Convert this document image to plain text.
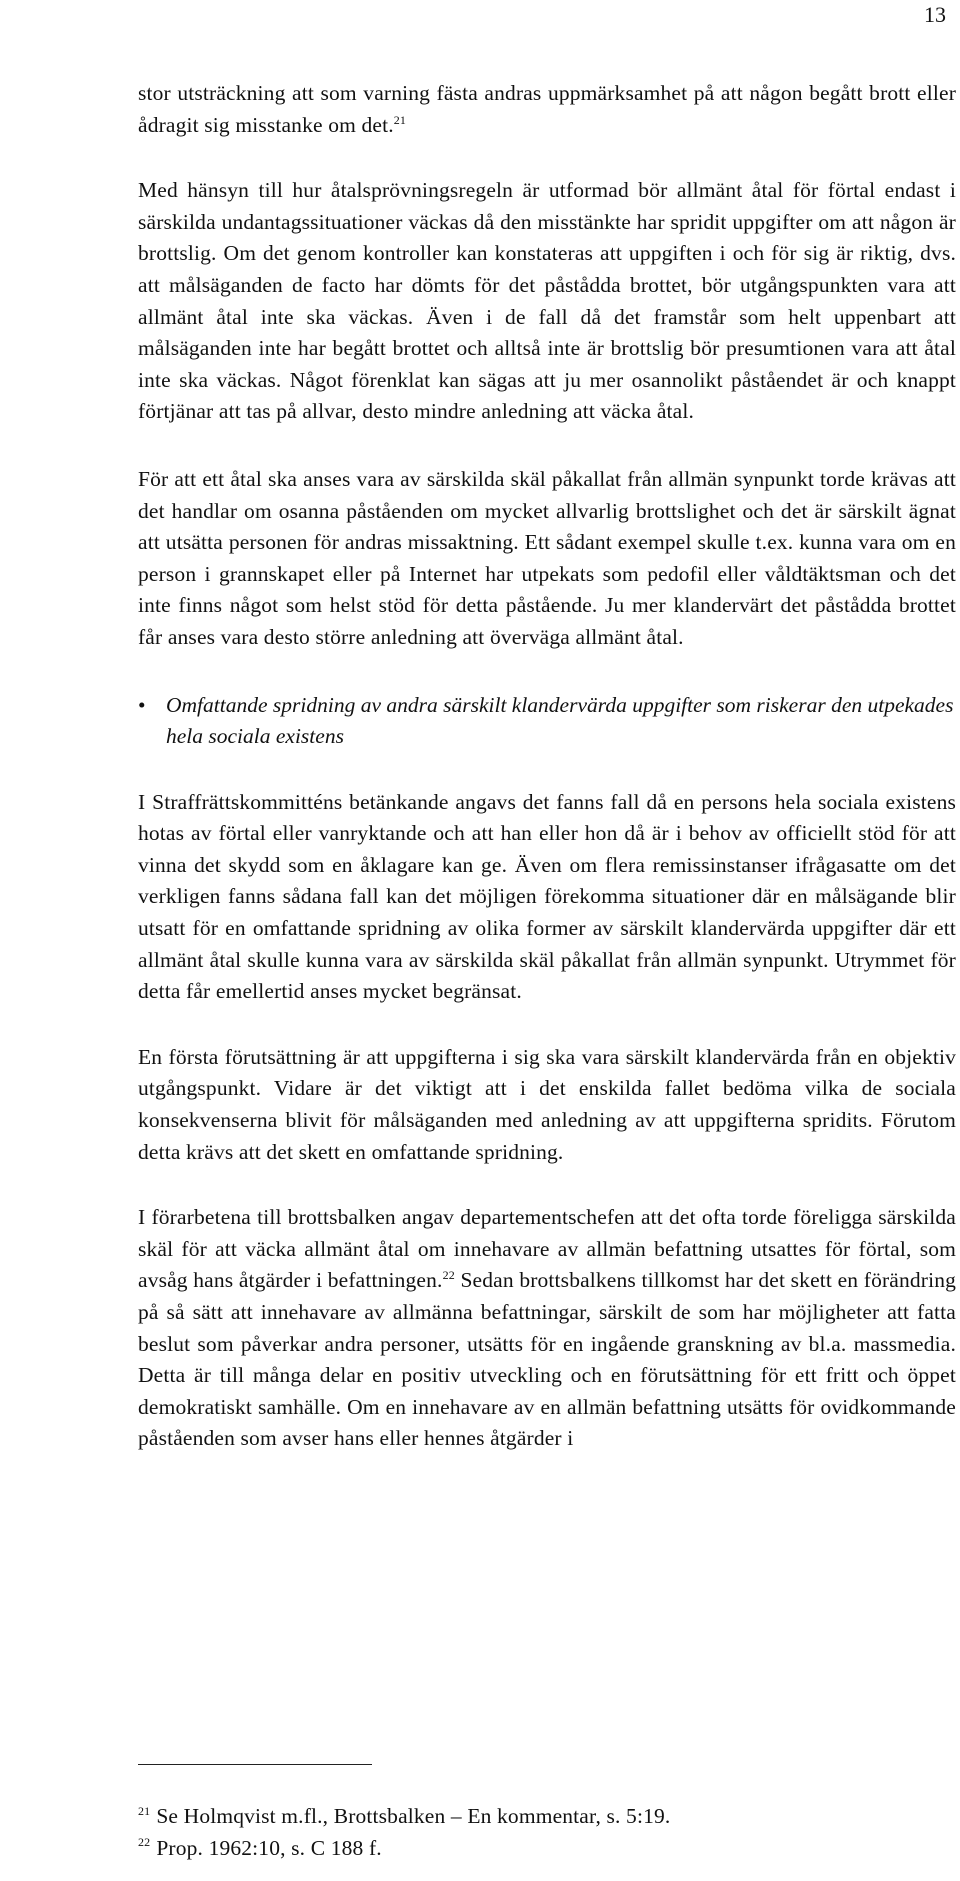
13

stor utsträckning att som varning fästa andras uppmärksamhet på att någon begått brott eller ådragit sig misstanke om det.$^{21}$

Med hänsyn till hur åtalsprövningsregeln är utformad bör allmänt åtal för förtal endast i särskilda undantagssituationer väckas då den misstänkte har spridit uppgifter om att någon är brottslig. Om det genom kontroller kan konstateras att uppgiften i och för sig är riktig, dvs. att målsäganden de facto har dömts för det påstådda brottet, bör utgångspunkten vara att allmänt åtal inte ska väckas. Även i de fall då det framstår som helt uppenbart att målsäganden inte har begått brottet och alltså inte är brottslig bör presumtionen vara att åtal inte ska väckas. Något förenklat kan sägas att ju mer osannolikt påståendet är och knappt förtjänar att tas på allvar, desto mindre anledning att väcka åtal.

För att ett åtal ska anses vara av särskilda skäl påkallat från allmän synpunkt torde krävas att det handlar om osanna påståenden om mycket allvarlig brottslighet och det är särskilt ägnat att utsätta personen för andras missaktning. Ett sådant exempel skulle t.ex. kunna vara om en person i grannskapet eller på Internet har utpekats som pedofil eller våldtäktsman och det inte finns något som helst stöd för detta påstående. Ju mer klandervärt det påstådda brottet får anses vara desto större anledning att överväga allmänt åtal.

• Omfattande spridning av andra särskilt klandervärda uppgifter som riskerar den utpekades hela sociala existens

I Straffrättskommitténs betänkande angavs det fanns fall då en persons hela sociala existens hotas av förtal eller vanryktande och att han eller hon då är i behov av officiellt stöd för att vinna det skydd som en åklagare kan ge. Även om flera remissinstanser ifrågasatte om det verkligen fanns sådana fall kan det möjligen förekomma situationer där en målsägande blir utsatt för en omfattande spridning av olika former av särskilt klandervärda uppgifter där ett allmänt åtal skulle kunna vara av särskilda skäl påkallat från allmän synpunkt. Utrymmet för detta får emellertid anses mycket begränsat.

En första förutsättning är att uppgifterna i sig ska vara särskilt klandervärda från en objektiv utgångspunkt. Vidare är det viktigt att i det enskilda fallet bedöma vilka de sociala konsekvenserna blivit för målsäganden med anledning av att uppgifterna spridits. Förutom detta krävs att det skett en omfattande spridning.

I förarbetena till brottsbalken angav departementschefen att det ofta torde föreligga särskilda skäl för att väcka allmänt åtal om innehavare av allmän befattning utsattes för förtal, som avsåg hans åtgärder i befattningen.$^{22}$ Sedan brottsbalkens tillkomst har det skett en förändring på så sätt att innehavare av allmänna befattningar, särskilt de som har möjligheter att fatta beslut som påverkar andra personer, utsätts för en ingående granskning av bl.a. massmedia. Detta är till många delar en positiv utveckling och en förutsättning för ett fritt och öppet demokratiskt samhälle. Om en innehavare av en allmän befattning utsätts för ovidkommande påståenden som avser hans eller hennes åtgärder i

$^{21}$ Se Holmqvist m.fl., Brottsbalken – En kommentar, s. 5:19.

$^{22}$ Prop. 1962:10, s. C 188 f.
